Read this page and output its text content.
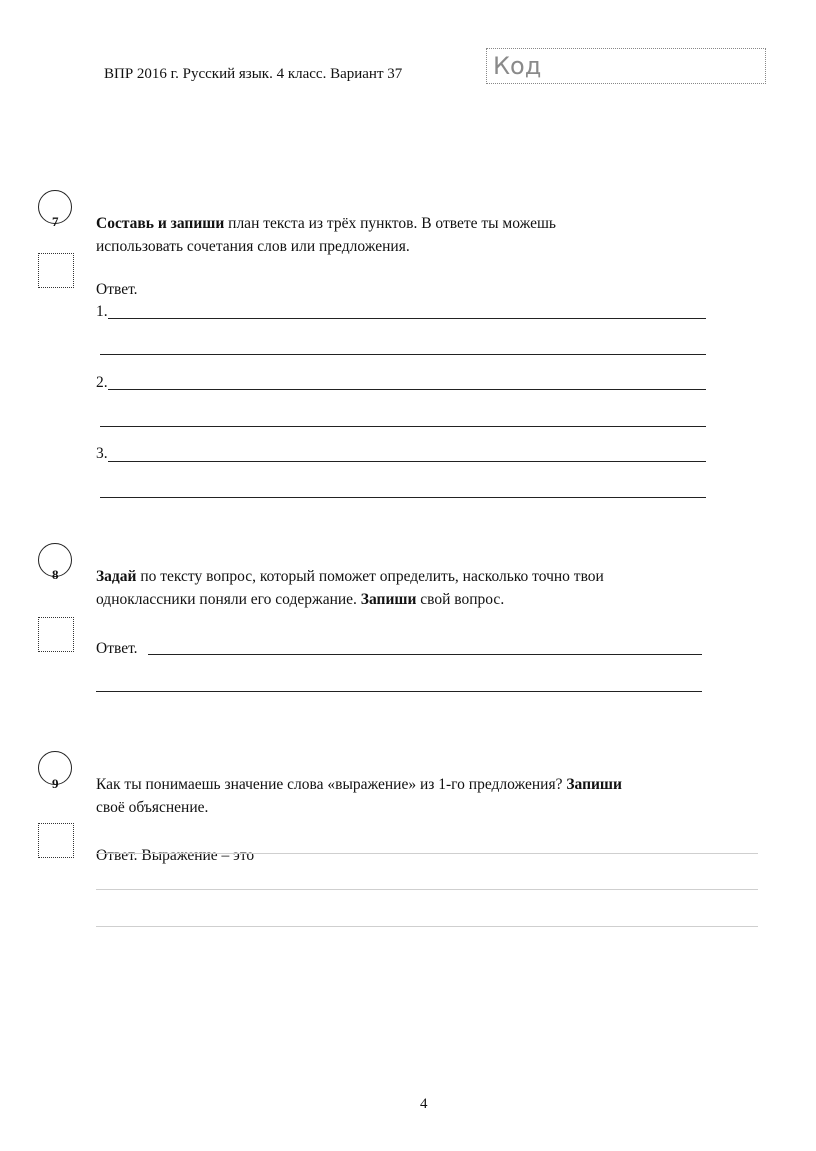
ВПР 2016 г. Русский язык. 4 класс. Вариант 37	Код
7 Составь и запиши план текста из трёх пунктов. В ответе ты можешь
использовать сочетания слов или предложения.
Ответ.
1.
2.
3.
8 Задай по тексту вопрос, который поможет определить, насколько точно твои
одноклассники поняли его содержание. Запиши свой вопрос.
Ответ.
9 Как ты понимаешь значение слова «выражение» из 1-го предложения? Запиши
своё объяснение.
Ответ. Выражение – это
4
